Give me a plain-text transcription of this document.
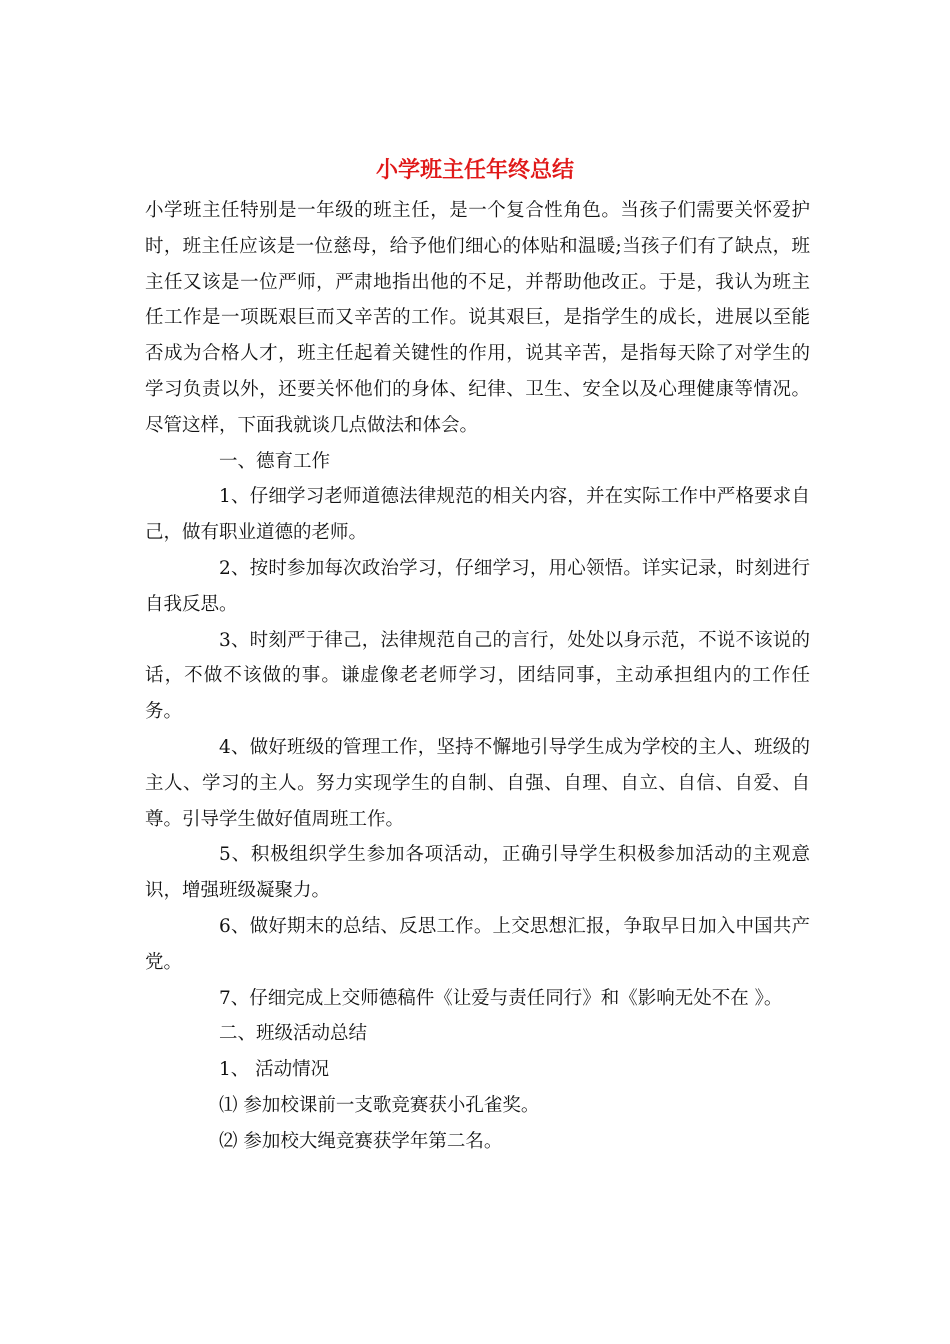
小学班主任年终总结

小学班主任特别是一年级的班主任，是一个复合性角色。当孩子们需要关怀爱护时，班主任应该是一位慈母，给予他们细心的体贴和温暖;当孩子们有了缺点，班主任又该是一位严师，严肃地指出他的不足，并帮助他改正。于是，我认为班主任工作是一项既艰巨而又辛苦的工作。说其艰巨，是指学生的成长，进展以至能否成为合格人才，班主任起着关键性的作用，说其辛苦，是指每天除了对学生的学习负责以外，还要关怀他们的身体、纪律、卫生、安全以及心理健康等情况。尽管这样，下面我就谈几点做法和体会。

一、德育工作

1、仔细学习老师道德法律规范的相关内容，并在实际工作中严格要求自己，做有职业道德的老师。

2、按时参加每次政治学习，仔细学习，用心领悟。详实记录，时刻进行自我反思。

3、时刻严于律己，法律规范自己的言行，处处以身示范，不说不该说的话，不做不该做的事。谦虚像老老师学习，团结同事，主动承担组内的工作任务。

4、做好班级的管理工作，坚持不懈地引导学生成为学校的主人、班级的主人、学习的主人。努力实现学生的自制、自强、自理、自立、自信、自爱、自尊。引导学生做好值周班工作。

5、积极组织学生参加各项活动，正确引导学生积极参加活动的主观意识，增强班级凝聚力。

6、做好期末的总结、反思工作。上交思想汇报，争取早日加入中国共产党。

7、仔细完成上交师德稿件《让爱与责任同行》和《影响无处不在 》。

二、班级活动总结

1、 活动情况

⑴ 参加校课前一支歌竞赛获小孔雀奖。

⑵ 参加校大绳竞赛获学年第二名。
